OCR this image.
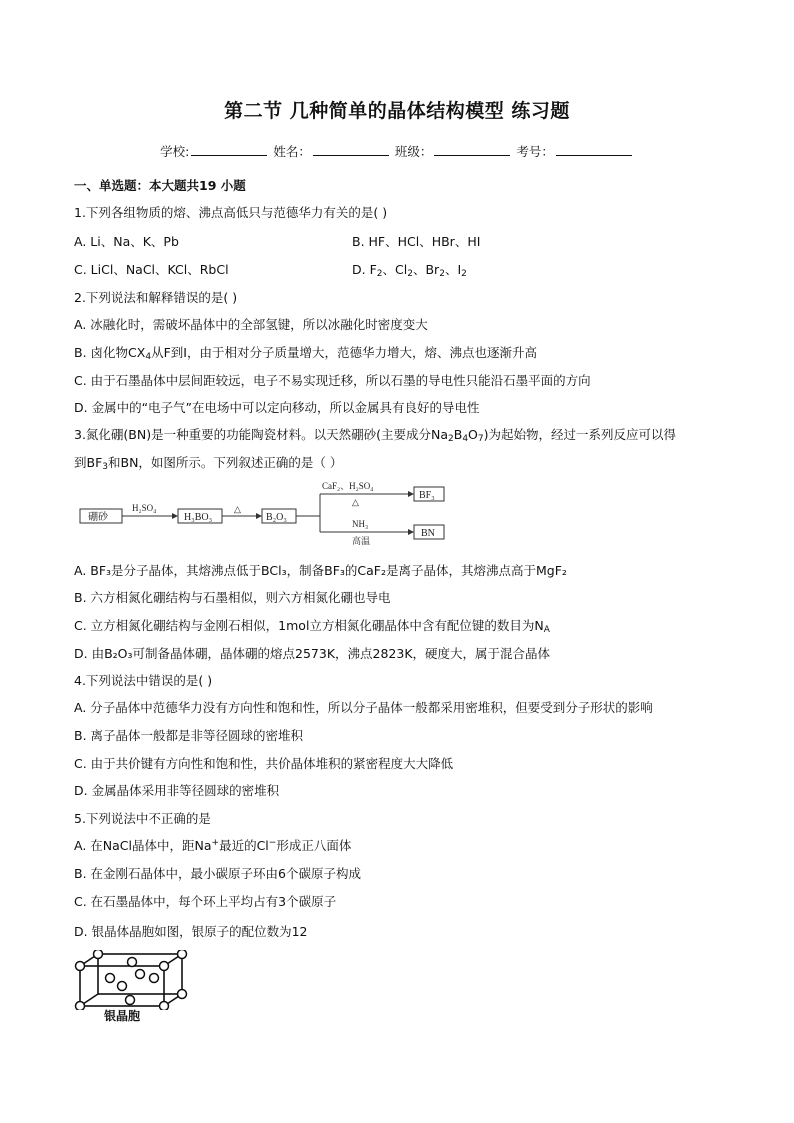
第二节 几种简单的晶体结构模型 练习题
学校:	姓名：	班级：	考号：
一、单选题：本大题共19 小题
1.下列各组物质的熔、沸点高低只与范德华力有关的是( )
A. Li、Na、K、Pb	B. HF、HCl、HBr、HI
C. LiCl、NaCl、KCl、RbCl	D. $F_2$、$Cl_2$、$Br_2$、$I_2$
2.下列说法和解释错误的是( )
A. 冰融化时，需破坏晶体中的全部氢键，所以冰融化时密度变大
B. 卤化物$CX_4$从F到I，由于相对分子质量增大，范德华力增大，熔、沸点也逐渐升高
C. 由于石墨晶体中层间距较远，电子不易实现迁移，所以石墨的导电性只能沿石墨平面的方向
D. 金属中的“电子气”在电场中可以定向移动，所以金属具有良好的导电性
3.氮化硼(BN)是一种重要的功能陶瓷材料。以天然硼砂(主要成分$Na_2B_4O_7$)为起始物，经过一系列反应可以得
到$BF_3$和BN，如图所示。下列叙述正确的是（ ）
硼砂
H₂SO₄
H₃BO₃
△
B₂O₃
CaF₂、H₂SO₄
△
BF₃
NH₃
高温
BN
A. BF₃是分子晶体，其熔沸点低于BCl₃，制备BF₃的CaF₂是离子晶体，其熔沸点高于MgF₂
B. 六方相氮化硼结构与石墨相似，则六方相氮化硼也导电
C. 立方相氮化硼结构与金刚石相似，1mol立方相氮化硼晶体中含有配位键的数目为$N_A$
D. 由B₂O₃可制备晶体硼，晶体硼的熔点2573K，沸点2823K，硬度大，属于混合晶体
4.下列说法中错误的是( )
A. 分子晶体中范德华力没有方向性和饱和性，所以分子晶体一般都采用密堆积，但要受到分子形状的影响
B. 离子晶体一般都是非等径圆球的密堆积
C. 由于共价键有方向性和饱和性，共价晶体堆积的紧密程度大大降低
D. 金属晶体采用非等径圆球的密堆积
5.下列说法中不正确的是
A. 在NaCl晶体中，距Na+最近的Cl−形成正八面体
B. 在金刚石晶体中，最小碳原子环由6个碳原子构成
C. 在石墨晶体中，每个环上平均占有3个碳原子
D. 银晶体晶胞如图，银原子的配位数为12
银晶胞
